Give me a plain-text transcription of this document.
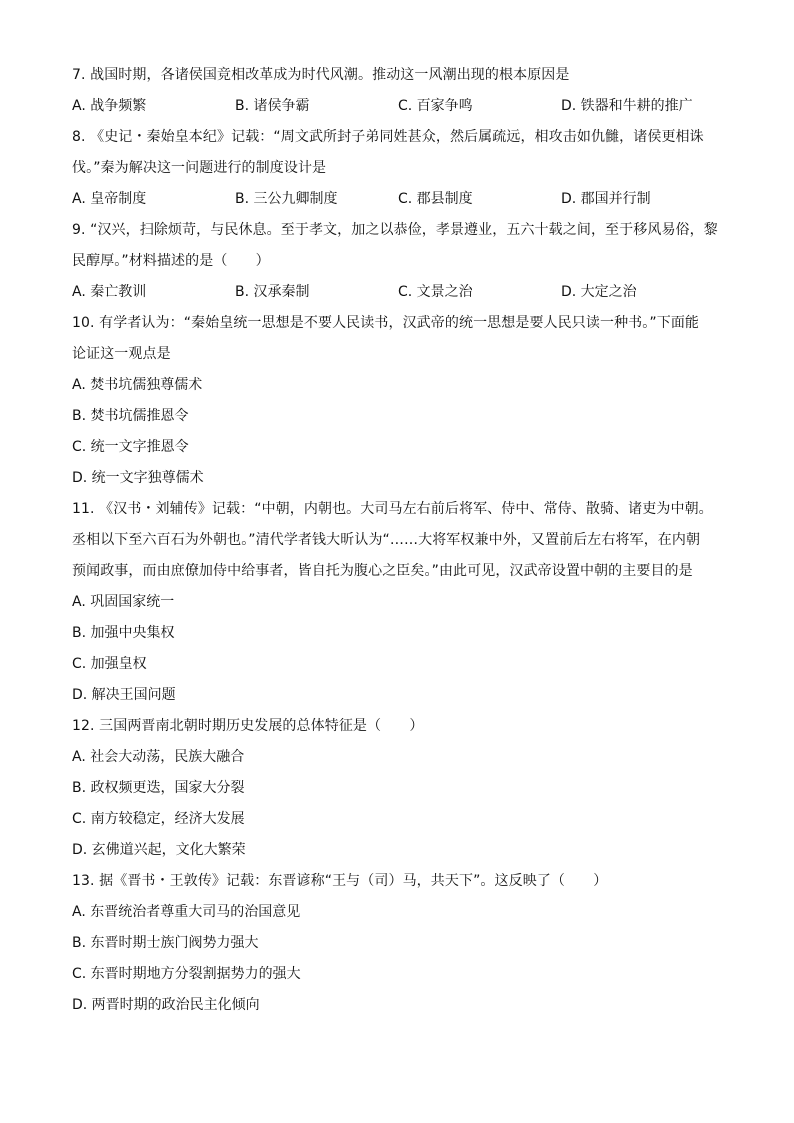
7. 战国时期，各诸侯国竞相改革成为时代风潮。推动这一风潮出现的根本原因是
A. 战争频繁	B. 诸侯争霸	C. 百家争鸣	D. 铁器和牛耕的推广
8. 《史记・秦始皇本纪》记载：“周文武所封子弟同姓甚众，然后属疏远，相攻击如仇雠，诸侯更相诛
伐。”秦为解决这一问题进行的制度设计是
A. 皇帝制度	B. 三公九卿制度	C. 郡县制度	D. 郡国并行制
9. “汉兴，扫除烦苛，与民休息。至于孝文，加之以恭俭，孝景遵业，五六十载之间，至于移风易俗，黎
民醇厚。”材料描述的是（　　）
A. 秦亡教训	B. 汉承秦制	C. 文景之治	D. 大定之治
10. 有学者认为：“秦始皇统一思想是不要人民读书，汉武帝的统一思想是要人民只读一种书。”下面能
论证这一观点是
A. 焚书坑儒独尊儒术
B. 焚书坑儒推恩令
C. 统一文字推恩令
D. 统一文字独尊儒术
11. 《汉书・刘辅传》记载：“中朝，内朝也。大司马左右前后将军、侍中、常侍、散骑、诸吏为中朝。
丞相以下至六百石为外朝也。”清代学者钱大昕认为“……大将军权兼中外，又置前后左右将军，在内朝
预闻政事，而由庶僚加侍中给事者，皆自托为腹心之臣矣。”由此可见，汉武帝设置中朝的主要目的是
A. 巩固国家统一
B. 加强中央集权
C. 加强皇权
D. 解决王国问题
12. 三国两晋南北朝时期历史发展的总体特征是（　　）
A. 社会大动荡，民族大融合
B. 政权频更迭，国家大分裂
C. 南方较稳定，经济大发展
D. 玄佛道兴起，文化大繁荣
13. 据《晋书・王敦传》记载：东晋谚称“王与（司）马，共天下”。这反映了（　　）
A. 东晋统治者尊重大司马的治国意见
B. 东晋时期士族门阀势力强大
C. 东晋时期地方分裂割据势力的强大
D. 两晋时期的政治民主化倾向
